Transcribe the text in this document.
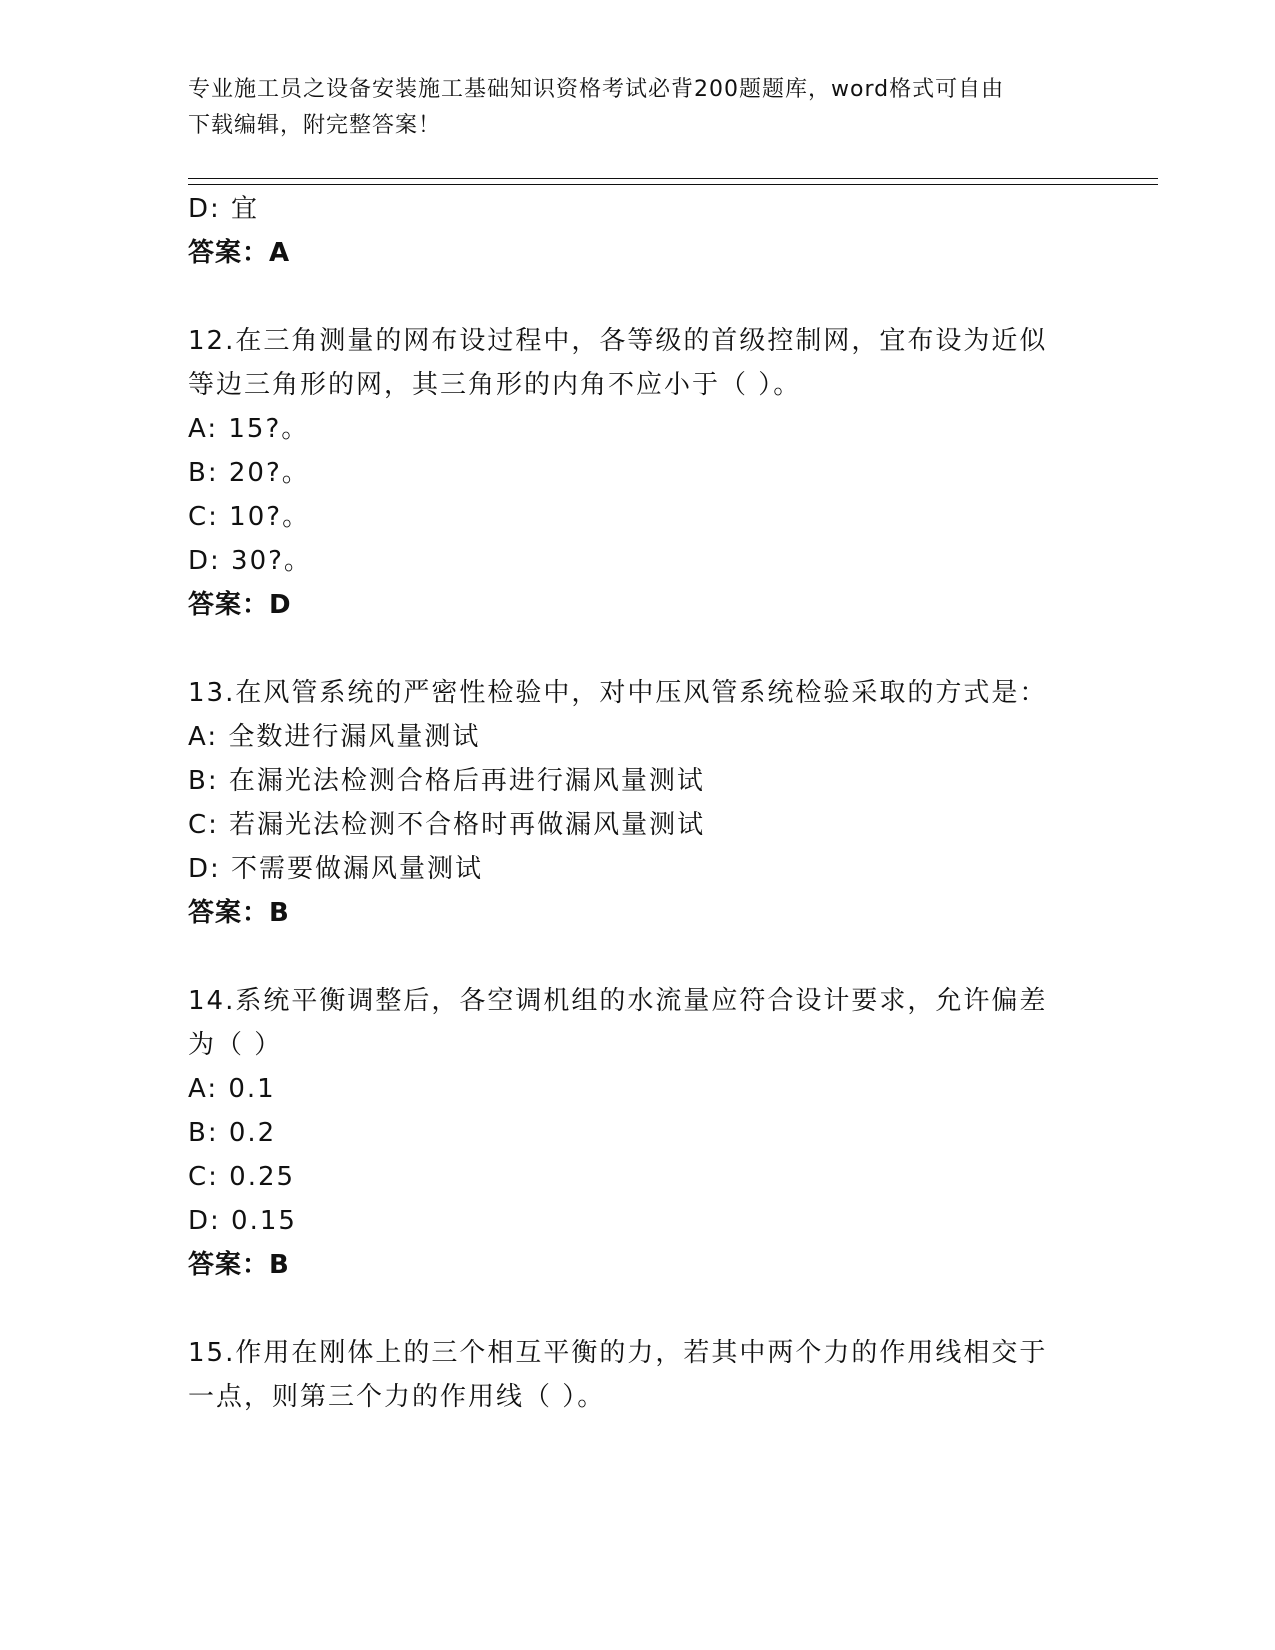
专业施工员之设备安装施工基础知识资格考试必背200题题库，word格式可自由
下载编辑，附完整答案！
D: 宜
答案：A
12.在三角测量的网布设过程中，各等级的首级控制网，宜布设为近似
等边三角形的网，其三角形的内角不应小于（ ）。
A: 15?。
B: 20?。
C: 10?。
D: 30?。
答案：D
13.在风管系统的严密性检验中，对中压风管系统检验采取的方式是：
A: 全数进行漏风量测试
B: 在漏光法检测合格后再进行漏风量测试
C: 若漏光法检测不合格时再做漏风量测试
D: 不需要做漏风量测试
答案：B
14.系统平衡调整后，各空调机组的水流量应符合设计要求，允许偏差
为（ ）
A: 0.1
B: 0.2
C: 0.25
D: 0.15
答案：B
15.作用在刚体上的三个相互平衡的力，若其中两个力的作用线相交于
一点，则第三个力的作用线（ ）。
